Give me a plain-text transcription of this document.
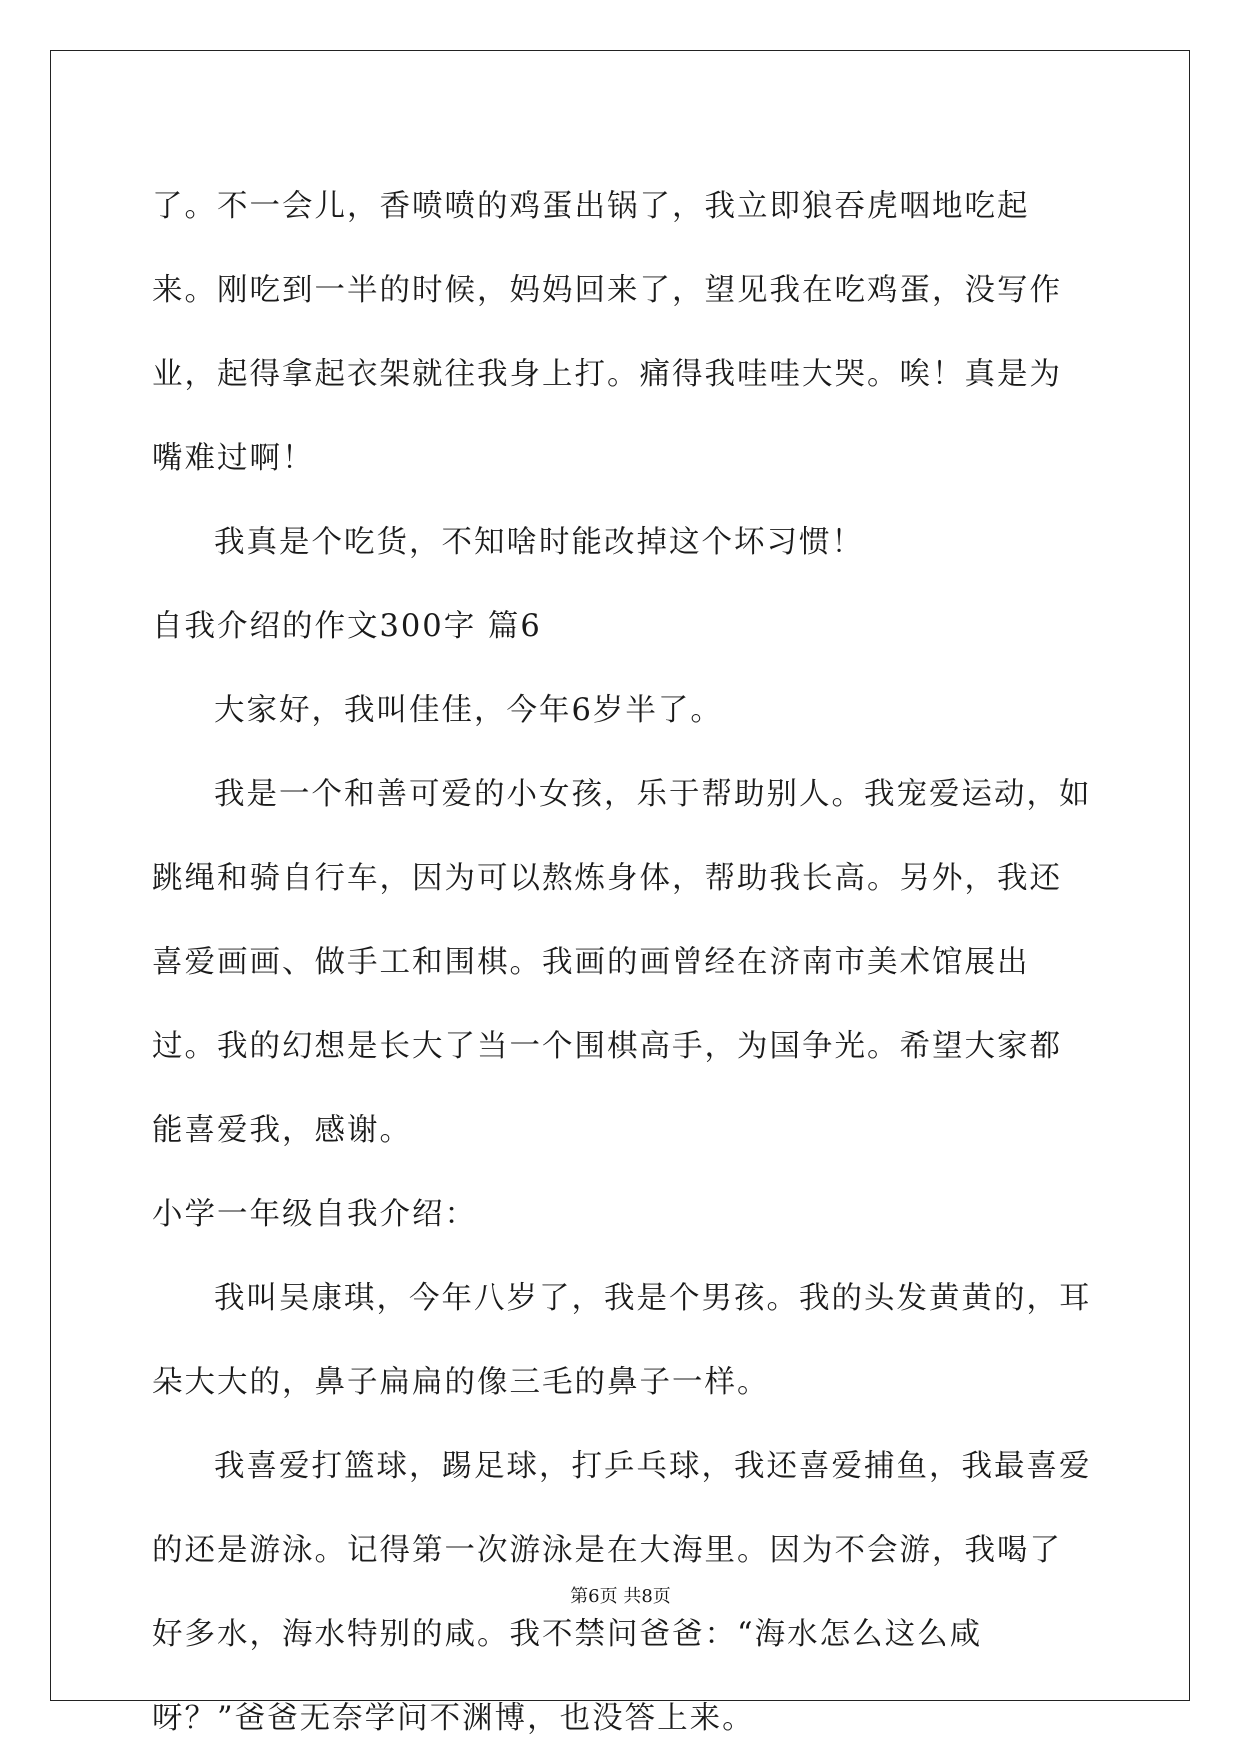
了。不一会儿，香喷喷的鸡蛋出锅了，我立即狼吞虎咽地吃起来。刚吃到一半的时候，妈妈回来了，望见我在吃鸡蛋，没写作业，起得拿起衣架就往我身上打。痛得我哇哇大哭。唉！真是为嘴难过啊！

我真是个吃货，不知啥时能改掉这个坏习惯！

自我介绍的作文300字 篇6

大家好，我叫佳佳，今年6岁半了。

我是一个和善可爱的小女孩，乐于帮助别人。我宠爱运动，如跳绳和骑自行车，因为可以熬炼身体，帮助我长高。另外，我还喜爱画画、做手工和围棋。我画的画曾经在济南市美术馆展出过。我的幻想是长大了当一个围棋高手，为国争光。希望大家都能喜爱我，感谢。

小学一年级自我介绍：

我叫吴康琪，今年八岁了，我是个男孩。我的头发黄黄的，耳朵大大的，鼻子扁扁的像三毛的鼻子一样。

我喜爱打篮球，踢足球，打乒乓球，我还喜爱捕鱼，我最喜爱的还是游泳。记得第一次游泳是在大海里。因为不会游，我喝了好多水，海水特别的咸。我不禁问爸爸：“海水怎么这么咸呀？”爸爸无奈学问不渊博，也没答上来。

第6页 共8页
